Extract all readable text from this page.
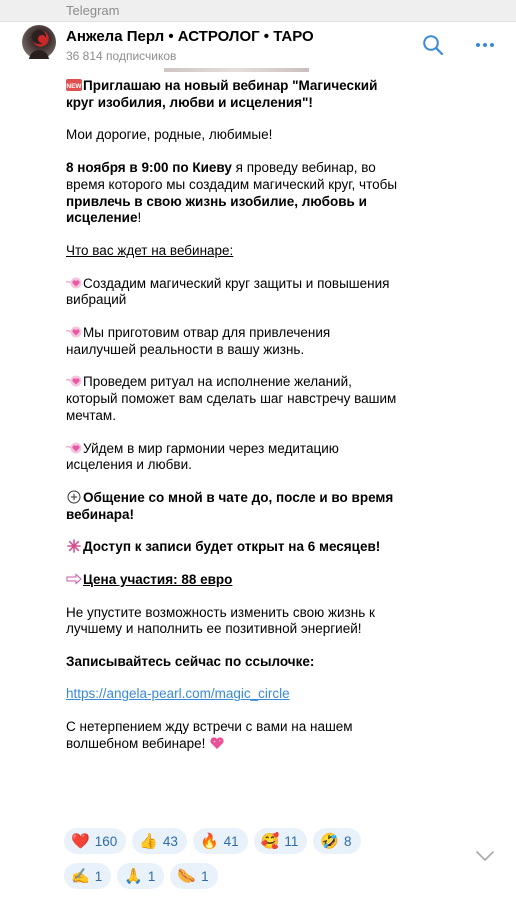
Telegram
Анжела Перл • АСТРОЛОГ • ТАРО
36 814 подписчиков

NEW Приглашаю на новый вебинар "Магический круг изобилия, любви и исцеления"!

Мои дорогие, родные, любимые!

8 ноября в 9:00 по Киеву я проведу вебинар, во время которого мы создадим магический круг, чтобы привлечь в свою жизнь изобилие, любовь и исцеление!

Что вас ждет на вебинаре:

Создадим магический круг защиты и повышения вибраций

Мы приготовим отвар для привлечения наилучшей реальности в вашу жизнь.

Проведем ритуал на исполнение желаний, который поможет вам сделать шаг навстречу вашим мечтам.

Уйдем в мир гармонии через медитацию исцеления и любви.

Общение со мной в чате до, после и во время вебинара!

Доступ к записи будет открыт на 6 месяцев!

Цена участия: 88 евро

Не упустите возможность изменить свою жизнь к лучшему и наполнить ее позитивной энергией!

Записывайтесь сейчас по ссылочке:

https://angela-pearl.com/magic_circle

С нетерпением жду встречи с вами на нашем волшебном вебинаре!

❤️ 160 👍 43 🔥 41 🥰 11 🤣 8
✍️ 1 🙏 1 🌭 1
